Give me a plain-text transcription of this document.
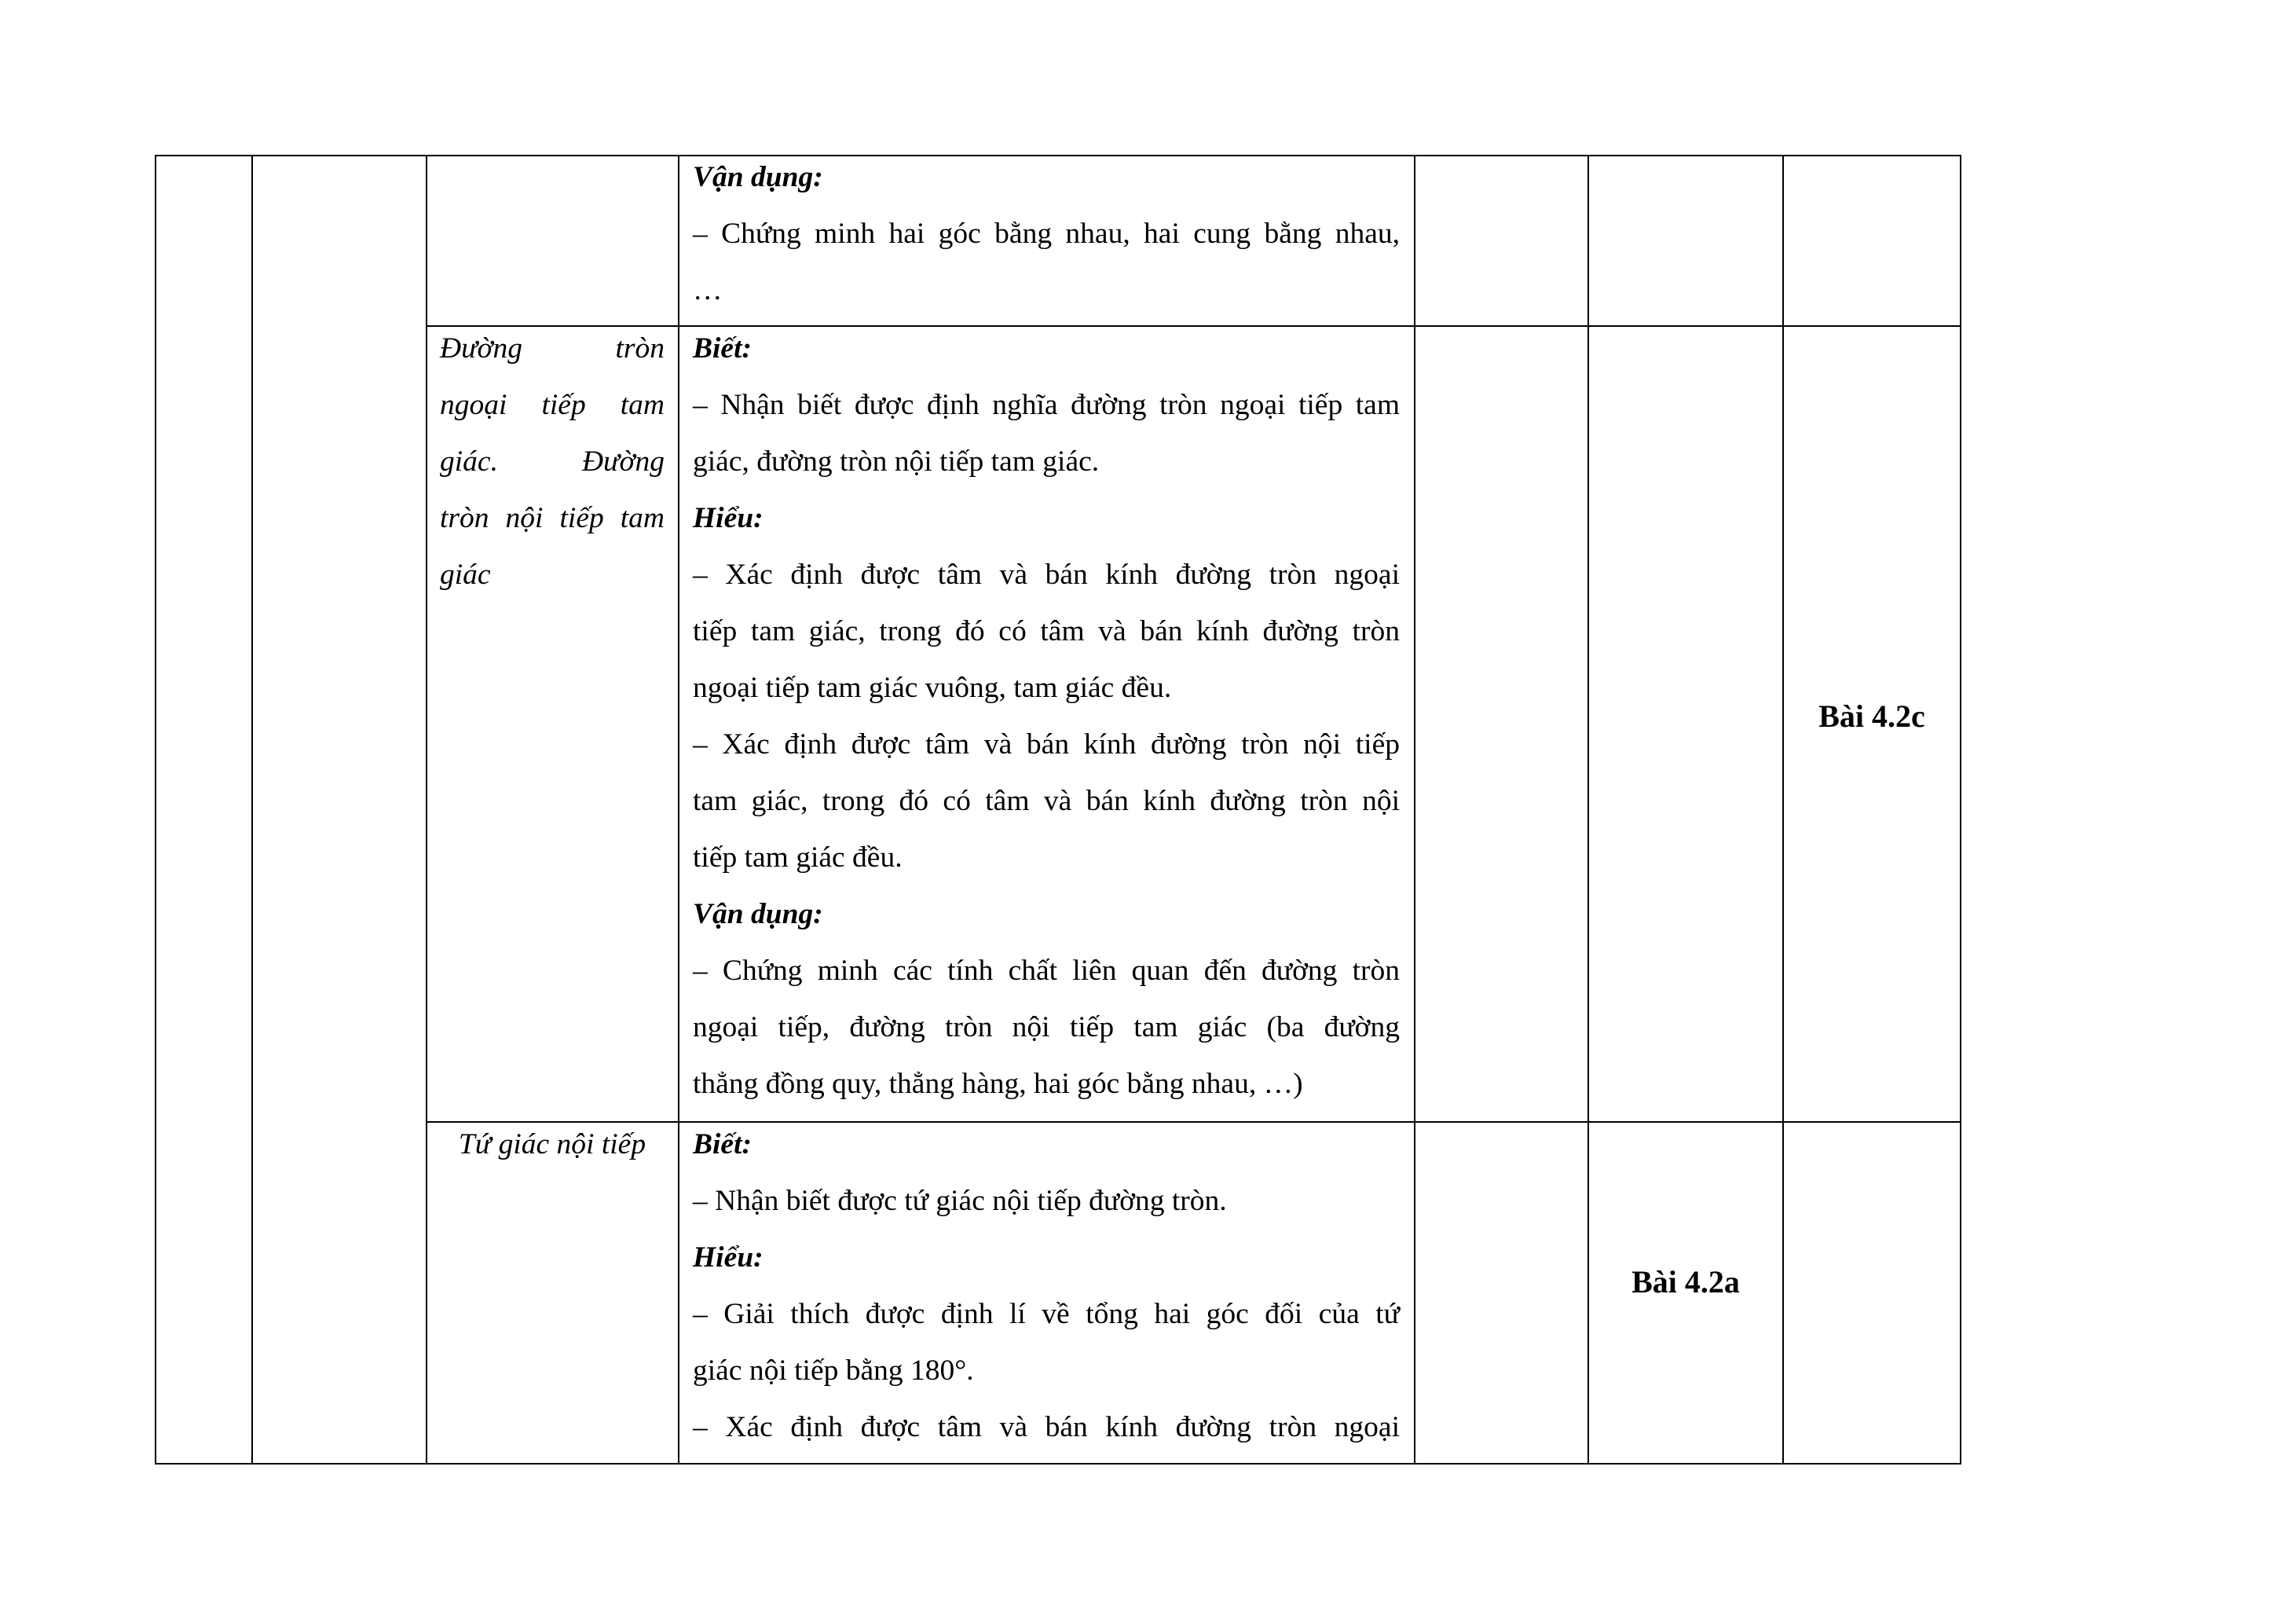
Vận dụng:
– Chứng minh hai góc bằng nhau, hai cung bằng nhau,
…
Đường tròn
ngoại tiếp tam
giác. Đường
tròn nội tiếp tam
giác
Biết:
– Nhận biết được định nghĩa đường tròn ngoại tiếp tam
giác, đường tròn nội tiếp tam giác.
Hiểu:
– Xác định được tâm và bán kính đường tròn ngoại
tiếp tam giác, trong đó có tâm và bán kính đường tròn
ngoại tiếp tam giác vuông, tam giác đều.
– Xác định được tâm và bán kính đường tròn nội tiếp
tam giác, trong đó có tâm và bán kính đường tròn nội
tiếp tam giác đều.
Vận dụng:
– Chứng minh các tính chất liên quan đến đường tròn
ngoại tiếp, đường tròn nội tiếp tam giác (ba đường
thẳng đồng quy, thẳng hàng, hai góc bằng nhau, …)
Bài 4.2c
Tứ giác nội tiếp	Biết:
– Nhận biết được tứ giác nội tiếp đường tròn.
Hiểu:
– Giải thích được định lí về tổng hai góc đối của tứ
giác nội tiếp bằng 180°.
– Xác định được tâm và bán kính đường tròn ngoại
Bài 4.2a
